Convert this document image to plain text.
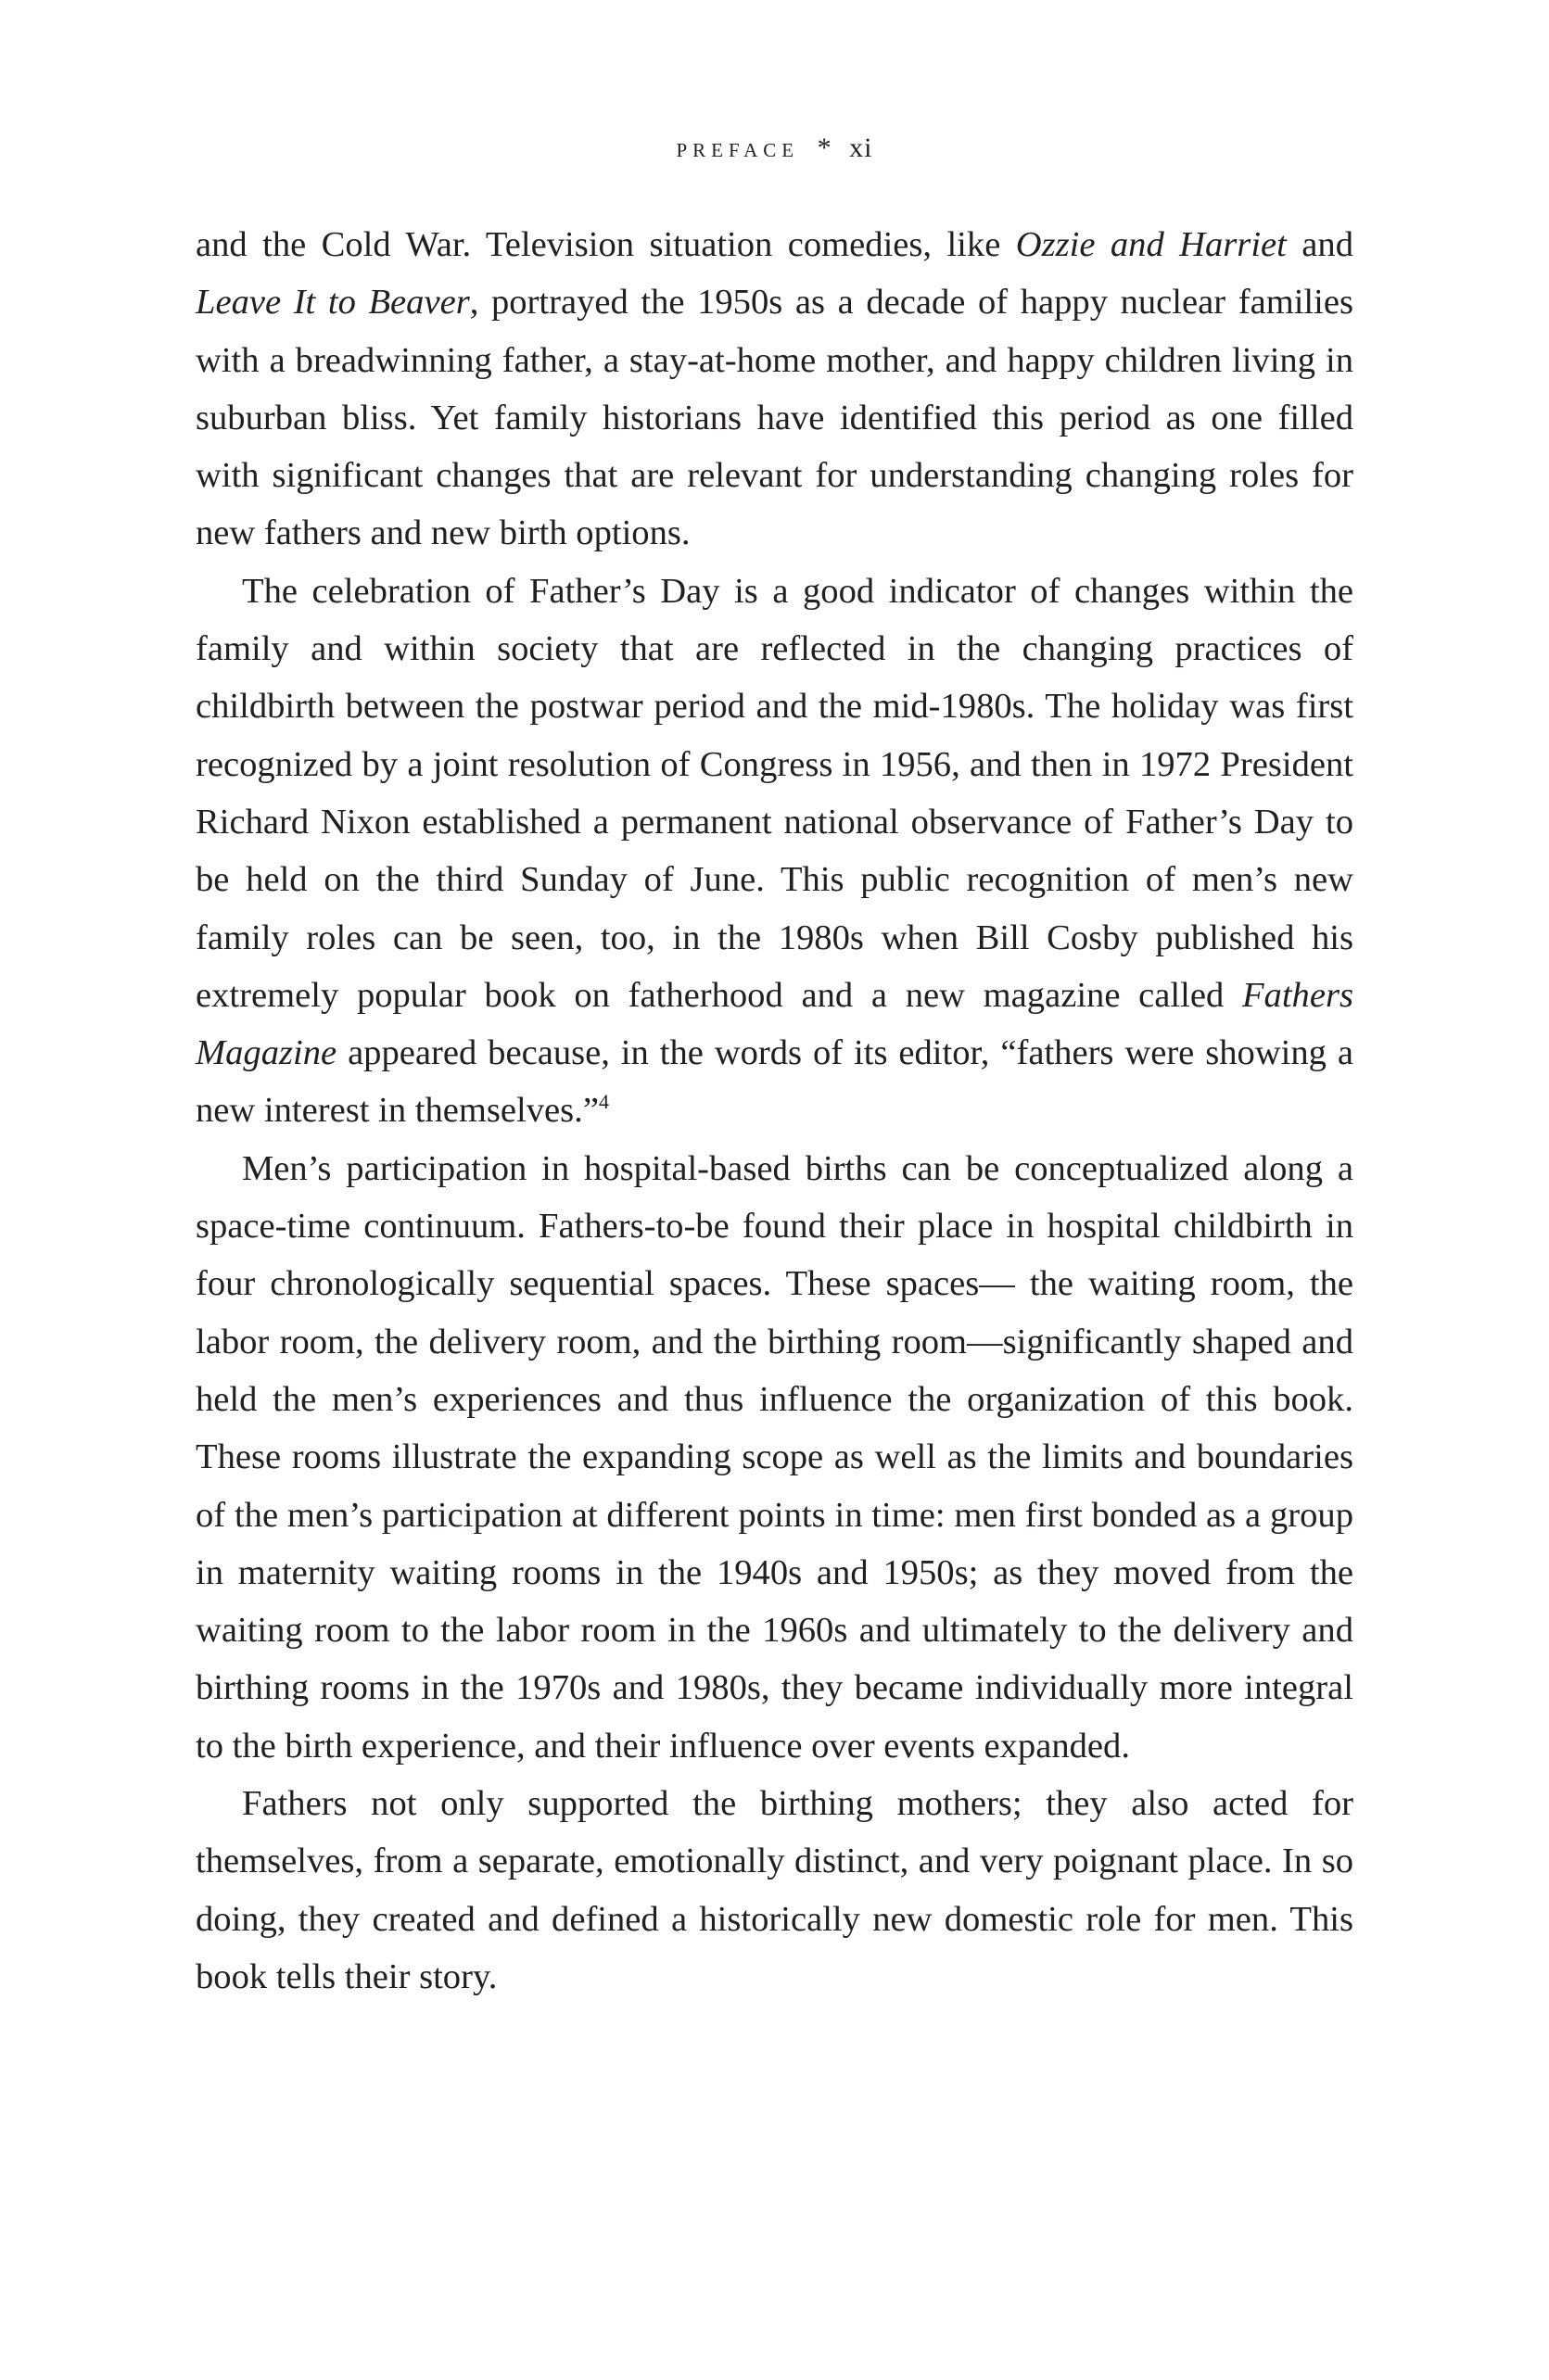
preface * xi

and the Cold War. Television situation comedies, like Ozzie and Harriet and Leave It to Beaver, portrayed the 1950s as a decade of happy nuclear families with a breadwinning father, a stay-at-home mother, and happy children living in suburban bliss. Yet family historians have identified this period as one filled with significant changes that are relevant for understanding changing roles for new fathers and new birth options.

The celebration of Father’s Day is a good indicator of changes within the family and within society that are reflected in the changing practices of childbirth between the postwar period and the mid-1980s. The holiday was first recognized by a joint resolution of Congress in 1956, and then in 1972 President Richard Nixon established a permanent national observance of Father’s Day to be held on the third Sunday of June. This public recognition of men’s new family roles can be seen, too, in the 1980s when Bill Cosby published his extremely popular book on fatherhood and a new magazine called Fathers Magazine appeared because, in the words of its editor, “fathers were showing a new interest in themselves.”$^4$

Men’s participation in hospital-based births can be conceptualized along a space-time continuum. Fathers-to-be found their place in hospital childbirth in four chronologically sequential spaces. These spaces— the waiting room, the labor room, the delivery room, and the birthing room—significantly shaped and held the men’s experiences and thus influence the organization of this book. These rooms illustrate the expanding scope as well as the limits and boundaries of the men’s participation at different points in time: men first bonded as a group in maternity waiting rooms in the 1940s and 1950s; as they moved from the waiting room to the labor room in the 1960s and ultimately to the delivery and birthing rooms in the 1970s and 1980s, they became individually more integral to the birth experience, and their influence over events expanded.

Fathers not only supported the birthing mothers; they also acted for themselves, from a separate, emotionally distinct, and very poignant place. In so doing, they created and defined a historically new domestic role for men. This book tells their story.
